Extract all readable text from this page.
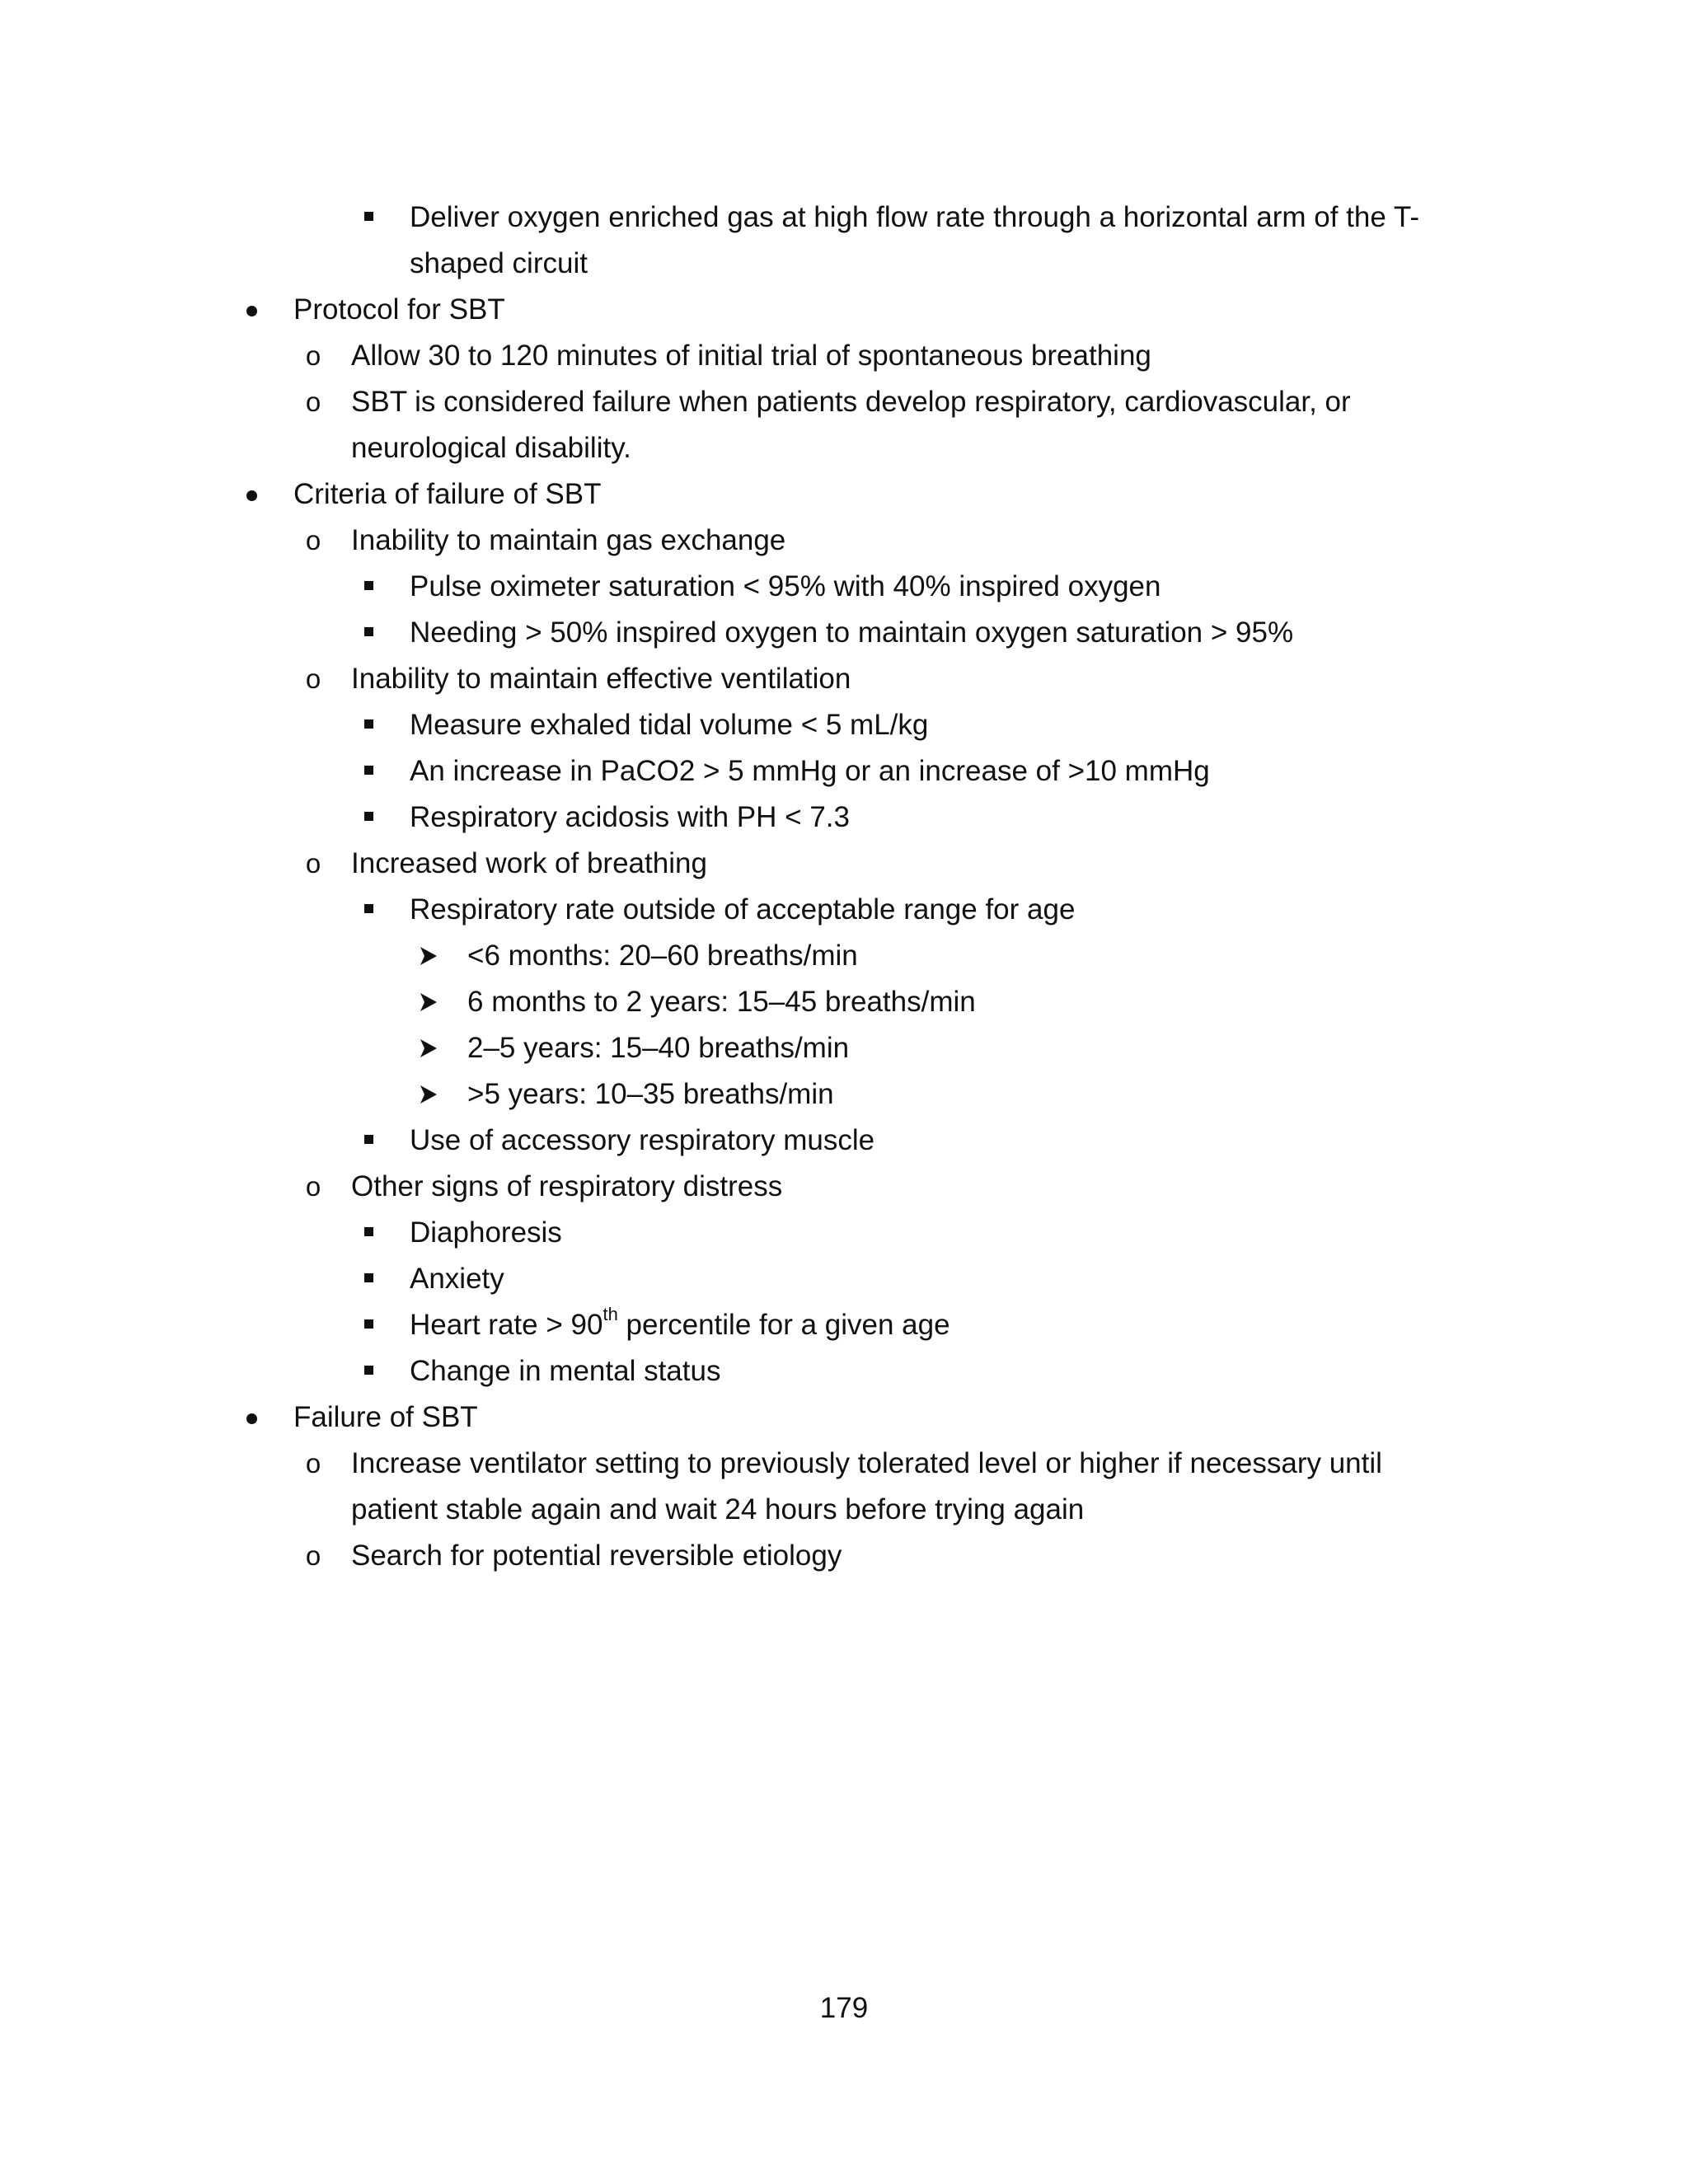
Deliver oxygen enriched gas at high flow rate through a horizontal arm of the T-
shaped circuit
Protocol for SBT
o Allow 30 to 120 minutes of initial trial of spontaneous breathing
o SBT is considered failure when patients develop respiratory, cardiovascular, or
neurological disability.
Criteria of failure of SBT
o Inability to maintain gas exchange
Pulse oximeter saturation < 95% with 40% inspired oxygen
Needing > 50% inspired oxygen to maintain oxygen saturation > 95%
o Inability to maintain effective ventilation
Measure exhaled tidal volume < 5 mL/kg
An increase in PaCO2 > 5 mmHg or an increase of >10 mmHg
Respiratory acidosis with PH < 7.3
o Increased work of breathing
Respiratory rate outside of acceptable range for age
<6 months: 20–60 breaths/min
6 months to 2 years: 15–45 breaths/min
2–5 years: 15–40 breaths/min
>5 years: 10–35 breaths/min
Use of accessory respiratory muscle
o Other signs of respiratory distress
Diaphoresis
Anxiety
Heart rate > 90th percentile for a given age
Change in mental status
Failure of SBT
o Increase ventilator setting to previously tolerated level or higher if necessary until
patient stable again and wait 24 hours before trying again
o Search for potential reversible etiology
179
